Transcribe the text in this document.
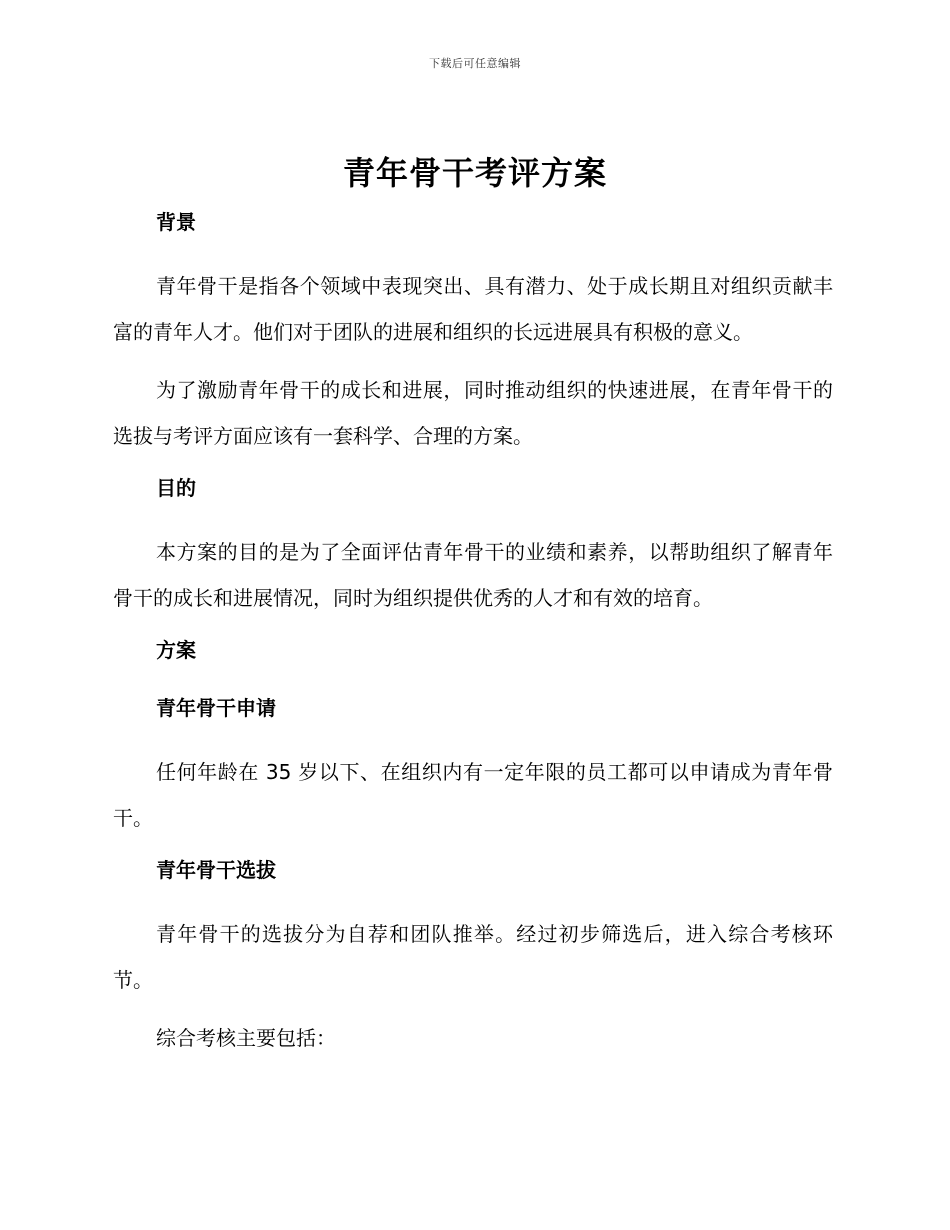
下载后可任意编辑
青年骨干考评方案
背景
青年骨干是指各个领域中表现突出、具有潜力、处于成长期且对组织贡献丰富的青年人才。他们对于团队的进展和组织的长远进展具有积极的意义。
为了激励青年骨干的成长和进展，同时推动组织的快速进展，在青年骨干的选拔与考评方面应该有一套科学、合理的方案。
目的
本方案的目的是为了全面评估青年骨干的业绩和素养，以帮助组织了解青年骨干的成长和进展情况，同时为组织提供优秀的人才和有效的培育。
方案
青年骨干申请
任何年龄在 35 岁以下、在组织内有一定年限的员工都可以申请成为青年骨干。
青年骨干选拔
青年骨干的选拔分为自荐和团队推举。经过初步筛选后，进入综合考核环节。
综合考核主要包括：
